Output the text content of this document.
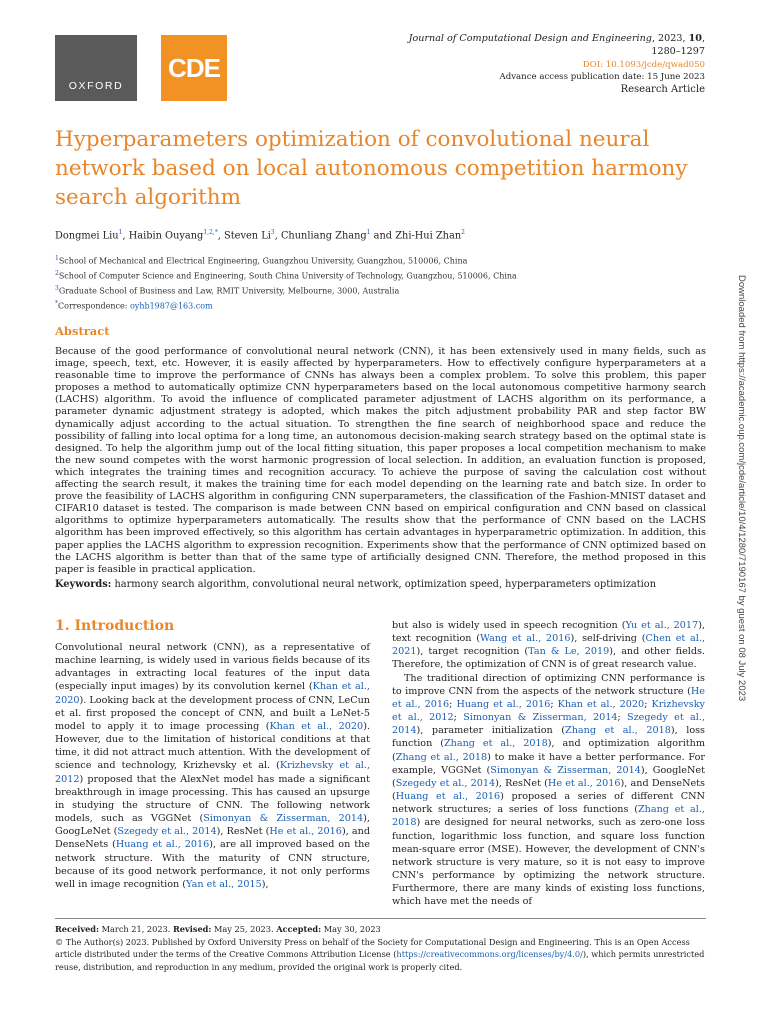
OXFORD
CDE
Journal of Computational Design and Engineering, 2023, 10,
1280–1297
DOI: 10.1093/jcde/qwad050
Advance access publication date: 15 June 2023
Research Article
Hyperparameters optimization of convolutional neural network based on local autonomous competition harmony search algorithm
Dongmei Liu$^1$, Haibin Ouyang$^{1,2,*}$, Steven Li$^3$, Chunliang Zhang$^1$ and Zhi-Hui Zhan$^2$
$^1$School of Mechanical and Electrical Engineering, Guangzhou University, Guangzhou, 510006, China
$^2$School of Computer Science and Engineering, South China University of Technology, Guangzhou, 510006, China
$^3$Graduate School of Business and Law, RMIT University, Melbourne, 3000, Australia
*Correspondence: oyhb1987@163.com
Abstract
Because of the good performance of convolutional neural network (CNN), it has been extensively used in many fields, such as image, speech, text, etc. However, it is easily affected by hyperparameters. How to effectively configure hyperparameters at a reasonable time to improve the performance of CNNs has always been a complex problem. To solve this problem, this paper proposes a method to automatically optimize CNN hyperparameters based on the local autonomous competitive harmony search (LACHS) algorithm. To avoid the influence of complicated parameter adjustment of LACHS algorithm on its performance, a parameter dynamic adjustment strategy is adopted, which makes the pitch adjustment probability PAR and step factor BW dynamically adjust according to the actual situation. To strengthen the fine search of neighborhood space and reduce the possibility of falling into local optima for a long time, an autonomous decision-making search strategy based on the optimal state is designed. To help the algorithm jump out of the local fitting situation, this paper proposes a local competition mechanism to make the new sound competes with the worst harmonic progression of local selection. In addition, an evaluation function is proposed, which integrates the training times and recognition accuracy. To achieve the purpose of saving the calculation cost without affecting the search result, it makes the training time for each model depending on the learning rate and batch size. In order to prove the feasibility of LACHS algorithm in configuring CNN superparameters, the classification of the Fashion-MNIST dataset and CIFAR10 dataset is tested. The comparison is made between CNN based on empirical configuration and CNN based on classical algorithms to optimize hyperparameters automatically. The results show that the performance of CNN based on the LACHS algorithm has been improved effectively, so this algorithm has certain advantages in hyperparametric optimization. In addition, this paper applies the LACHS algorithm to expression recognition. Experiments show that the performance of CNN optimized based on the LACHS algorithm is better than that of the same type of artificially designed CNN. Therefore, the method proposed in this paper is feasible in practical application.
Keywords: harmony search algorithm, convolutional neural network, optimization speed, hyperparameters optimization
1. Introduction

Convolutional neural network (CNN), as a representative of machine learning, is widely used in various fields because of its advantages in extracting local features of the input data (especially input images) by its convolution kernel (Khan et al., 2020). Looking back at the development process of CNN, LeCun et al. first proposed the concept of CNN, and built a LeNet-5 model to apply it to image processing (Khan et al., 2020). However, due to the limitation of historical conditions at that time, it did not attract much attention. With the development of science and technology, Krizhevsky et al. (Krizhevsky et al., 2012) proposed that the AlexNet model has made a significant breakthrough in image processing. This has caused an upsurge in studying the structure of CNN. The following network models, such as VGGNet (Simonyan & Zisserman, 2014), GoogLeNet (Szegedy et al., 2014), ResNet (He et al., 2016), and DenseNets (Huang et al., 2016), are all improved based on the network structure. With the maturity of CNN structure, because of its good network performance, it not only performs well in image recognition (Yan et al., 2015),

but also is widely used in speech recognition (Yu et al., 2017), text recognition (Wang et al., 2016), self-driving (Chen et al., 2021), target recognition (Tan & Le, 2019), and other fields. Therefore, the optimization of CNN is of great research value.

The traditional direction of optimizing CNN performance is to improve CNN from the aspects of the network structure (He et al., 2016; Huang et al., 2016; Khan et al., 2020; Krizhevsky et al., 2012; Simonyan & Zisserman, 2014; Szegedy et al., 2014), parameter initialization (Zhang et al., 2018), loss function (Zhang et al., 2018), and optimization algorithm (Zhang et al., 2018) to make it have a better performance. For example, VGGNet (Simonyan & Zisserman, 2014), GoogleNet (Szegedy et al., 2014), ResNet (He et al., 2016), and DenseNets (Huang et al., 2016) proposed a series of different CNN network structures; a series of loss functions (Zhang et al., 2018) are designed for neural networks, such as zero-one loss function, logarithmic loss function, and square loss function mean-square error (MSE). However, the development of CNN's network structure is very mature, so it is not easy to improve CNN's performance by optimizing the network structure. Furthermore, there are many kinds of existing loss functions, which have met the needs of

Received: March 21, 2023. Revised: May 25, 2023. Accepted: May 30, 2023
© The Author(s) 2023. Published by Oxford University Press on behalf of the Society for Computational Design and Engineering. This is an Open Access article distributed under the terms of the Creative Commons Attribution License (https://creativecommons.org/licenses/by/4.0/), which permits unrestricted reuse, distribution, and reproduction in any medium, provided the original work is properly cited.
Downloaded from https://academic.oup.com/jcde/article/10/4/1280/7190167 by guest on 08 July 2023
